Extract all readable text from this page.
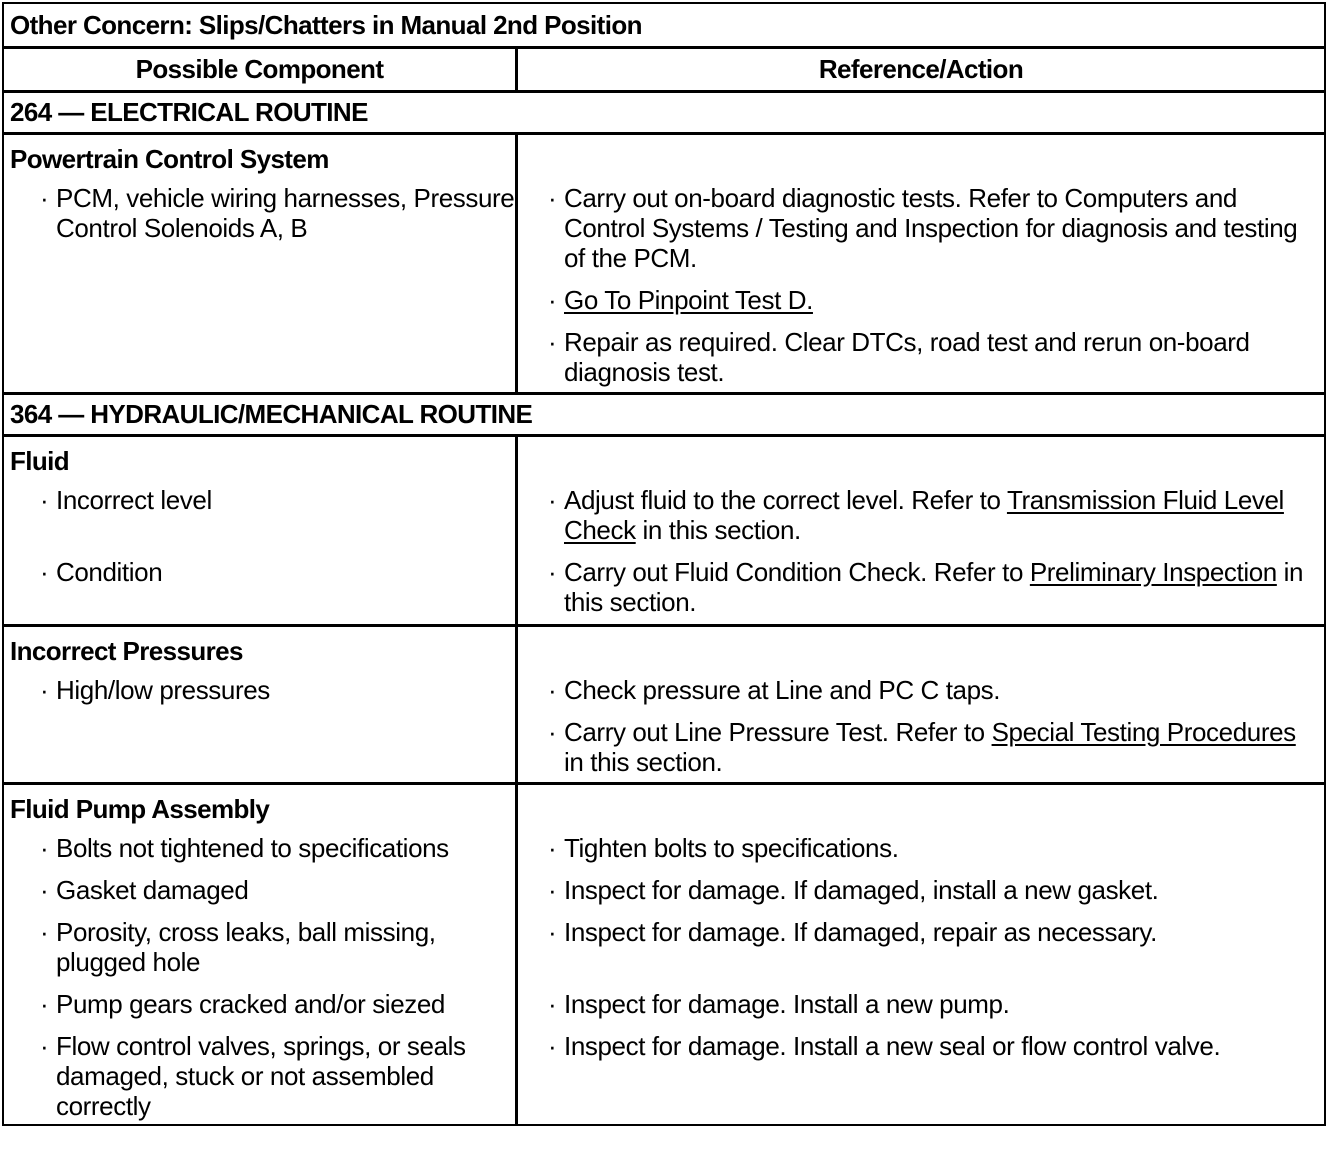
Other Concern: Slips/Chatters in Manual 2nd Position
Possible Component	Reference/Action
264 — ELECTRICAL ROUTINE
Powertrain Control System
· PCM, vehicle wiring harnesses, Pressure Control Solenoids A, B
· Carry out on-board diagnostic tests. Refer to Computers and Control Systems / Testing and Inspection for diagnosis and testing of the PCM.
· Go To Pinpoint Test D.
· Repair as required. Clear DTCs, road test and rerun on-board diagnosis test.
364 — HYDRAULIC/MECHANICAL ROUTINE
Fluid
· Incorrect level
· Condition
· Adjust fluid to the correct level. Refer to Transmission Fluid Level Check in this section.
· Carry out Fluid Condition Check. Refer to Preliminary Inspection in this section.
Incorrect Pressures
· High/low pressures	· Check pressure at Line and PC C taps.
· Carry out Line Pressure Test. Refer to Special Testing Procedures in this section.
Fluid Pump Assembly
· Bolts not tightened to specifications
· Gasket damaged
· Porosity, cross leaks, ball missing, plugged hole
· Pump gears cracked and/or siezed
· Flow control valves, springs, or seals damaged, stuck or not assembled correctly
· Tighten bolts to specifications.
· Inspect for damage. If damaged, install a new gasket.
· Inspect for damage. If damaged, repair as necessary.
· Inspect for damage. Install a new pump.
· Inspect for damage. Install a new seal or flow control valve.
